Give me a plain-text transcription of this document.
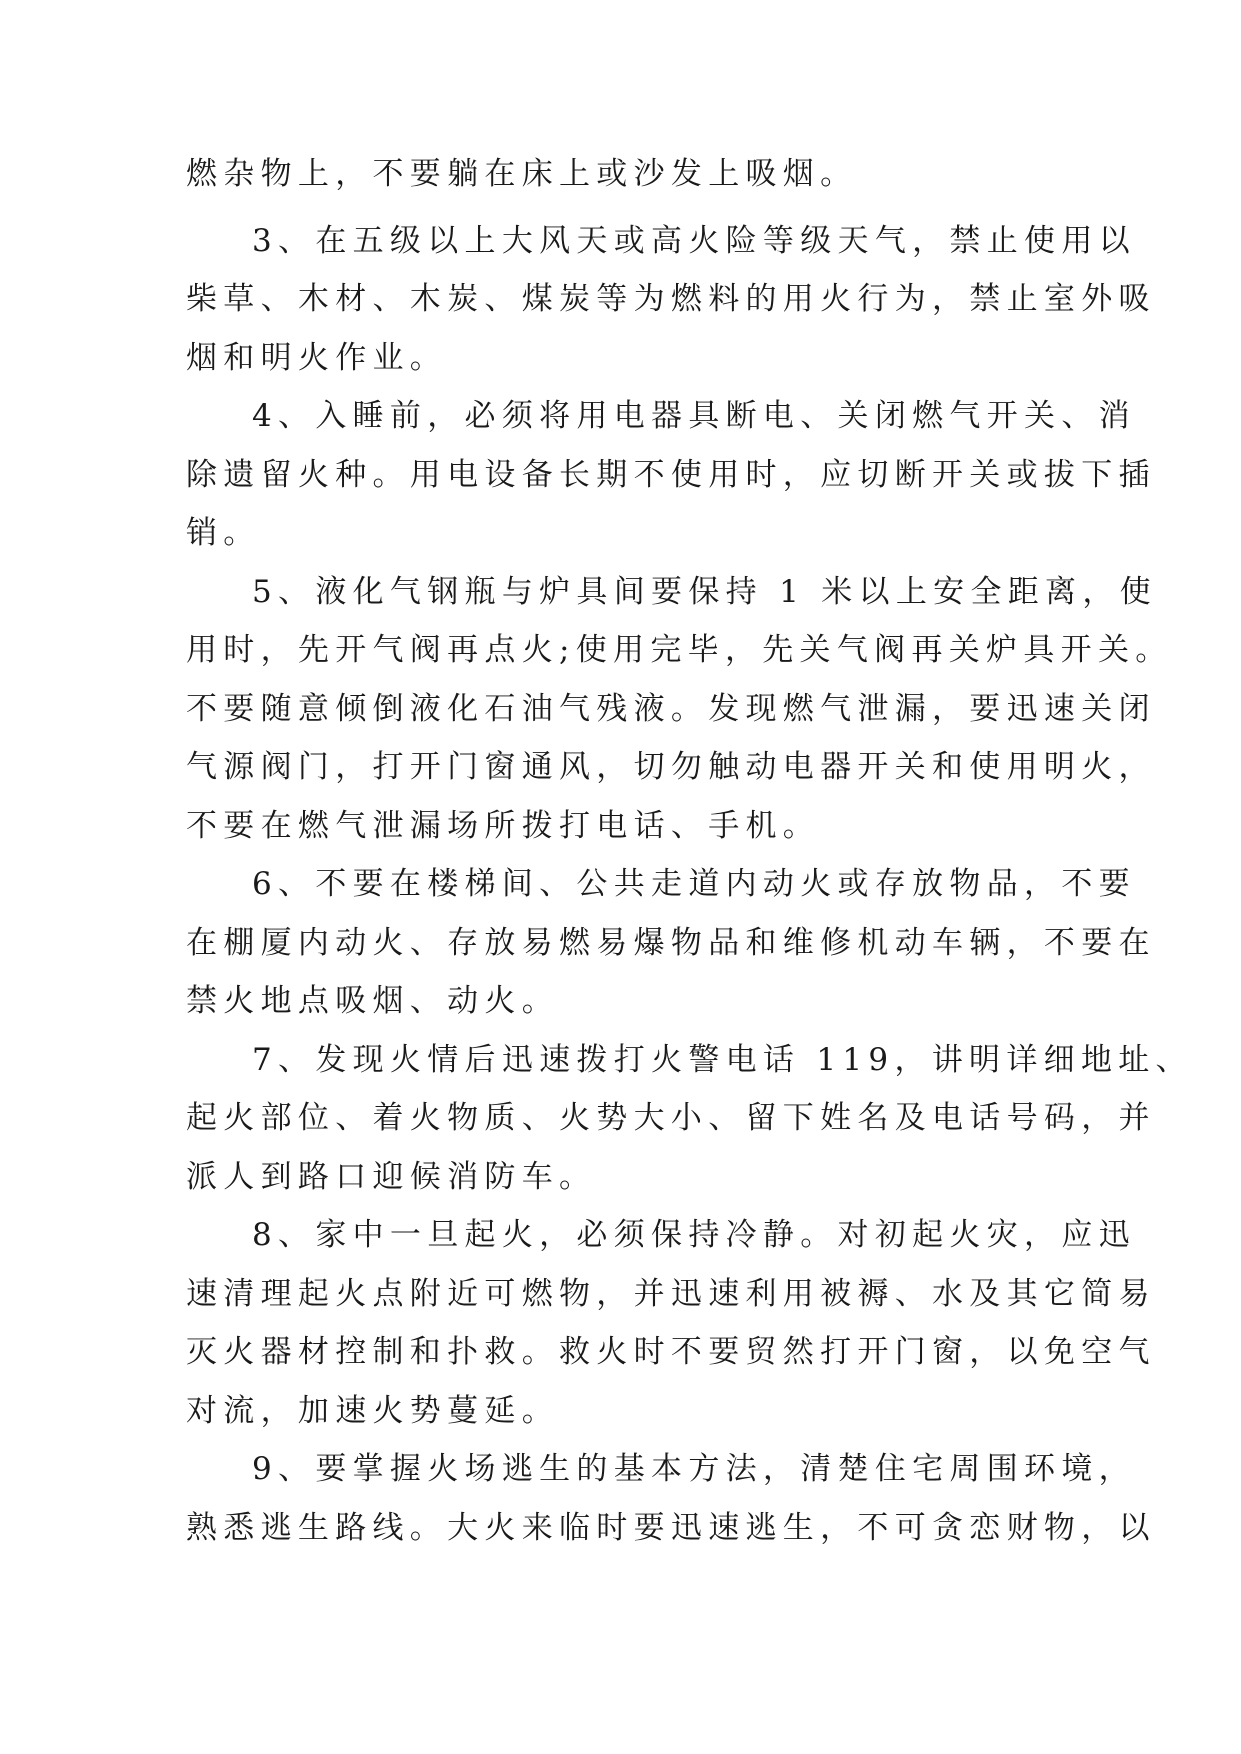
燃杂物上，不要躺在床上或沙发上吸烟。
3、在五级以上大风天或高火险等级天气，禁止使用以
柴草、木材、木炭、煤炭等为燃料的用火行为，禁止室外吸
烟和明火作业。
4、入睡前，必须将用电器具断电、关闭燃气开关、消
除遗留火种。用电设备长期不使用时，应切断开关或拔下插
销。
5、液化气钢瓶与炉具间要保持 1 米以上安全距离，使
用时，先开气阀再点火;使用完毕，先关气阀再关炉具开关。
不要随意倾倒液化石油气残液。发现燃气泄漏，要迅速关闭
气源阀门，打开门窗通风，切勿触动电器开关和使用明火，
不要在燃气泄漏场所拨打电话、手机。
6、不要在楼梯间、公共走道内动火或存放物品，不要
在棚厦内动火、存放易燃易爆物品和维修机动车辆，不要在
禁火地点吸烟、动火。
7、发现火情后迅速拨打火警电话 119，讲明详细地址、
起火部位、着火物质、火势大小、留下姓名及电话号码，并
派人到路口迎候消防车。
8、家中一旦起火，必须保持冷静。对初起火灾，应迅
速清理起火点附近可燃物，并迅速利用被褥、水及其它简易
灭火器材控制和扑救。救火时不要贸然打开门窗，以免空气
对流，加速火势蔓延。
9、要掌握火场逃生的基本方法，清楚住宅周围环境，
熟悉逃生路线。大火来临时要迅速逃生，不可贪恋财物，以
